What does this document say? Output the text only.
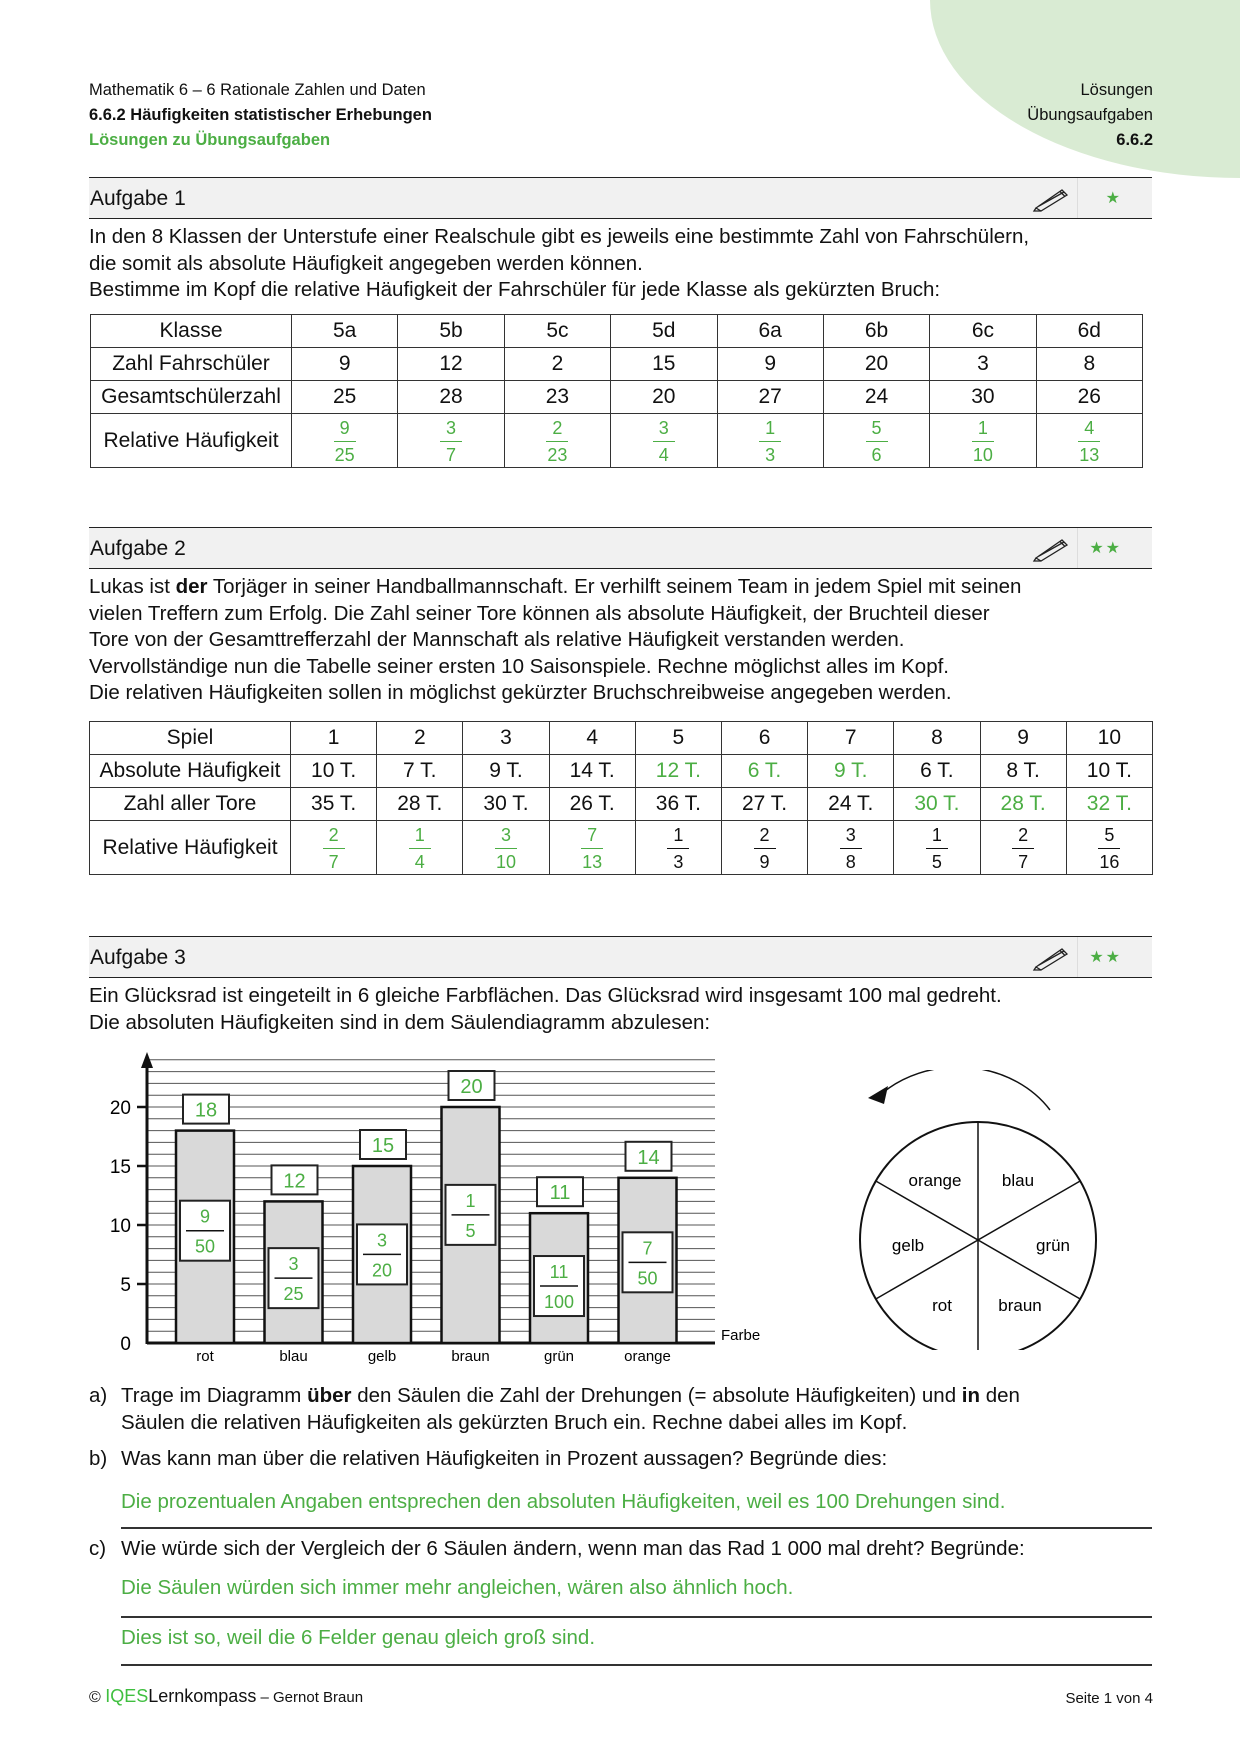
Mathematik 6 – 6 Rationale Zahlen und Daten
6.6.2 Häufigkeiten statistischer Erhebungen
Lösungen zu Übungsaufgaben
Lösungen
Übungsaufgaben
6.6.2
Aufgabe 1	★
In den 8 Klassen der Unterstufe einer Realschule gibt es jeweils eine bestimmte Zahl von Fahrschülern,
die somit als absolute Häufigkeit angegeben werden können.
Bestimme im Kopf die relative Häufigkeit der Fahrschüler für jede Klasse als gekürzten Bruch:
Klasse	5a	5b	5c	5d	6a	6b	6c	6d
Zahl Fahrschüler	9	12	2	15	9	20	3	8
Gesamtschülerzahl	25	28	23	20	27	24	30	26
Relative Häufigkeit	$\frac{9}{25}$	$\frac{3}{7}$	$\frac{2}{23}$	$\frac{3}{4}$	$\frac{1}{3}$	$\frac{5}{6}$	$\frac{1}{10}$	$\frac{4}{13}$
Aufgabe 2	★★
Lukas ist der Torjäger in seiner Handballmannschaft. Er verhilft seinem Team in jedem Spiel mit seinen
vielen Treffern zum Erfolg. Die Zahl seiner Tore können als absolute Häufigkeit, der Bruchteil dieser
Tore von der Gesamttrefferzahl der Mannschaft als relative Häufigkeit verstanden werden.
Vervollständige nun die Tabelle seiner ersten 10 Saisonspiele. Rechne möglichst alles im Kopf.
Die relativen Häufigkeiten sollen in möglichst gekürzter Bruchschreibweise angegeben werden.
Spiel	1	2	3	4	5	6	7	8	9	10
Absolute Häufigkeit	10 T.	7 T.	9 T.	14 T.	12 T.	6 T.	9 T.	6 T.	8 T.	10 T.
Zahl aller Tore	35 T.	28 T.	30 T.	26 T.	36 T.	27 T.	24 T.	30 T.	28 T.	32 T.
Relative Häufigkeit	$\frac{2}{7}$	$\frac{1}{4}$	$\frac{3}{10}$	$\frac{7}{13}$	$\frac{1}{3}$	$\frac{2}{9}$	$\frac{3}{8}$	$\frac{1}{5}$	$\frac{2}{7}$	$\frac{5}{16}$
Aufgabe 3	★★
Ein Glücksrad ist eingeteilt in 6 gleiche Farbflächen. Das Glücksrad wird insgesamt 100 mal gedreht.
Die absoluten Häufigkeiten sind in dem Säulendiagramm abzulesen:
0
5
10
15
20
Farbe
18
9
50
rot
12
3
25
blau
15
3
20
gelb
20
1
5
braun
11
11
100
grün
14
7
50
orange
orange blau
grün
braun
rot
gelb
a) Trage im Diagramm über den Säulen die Zahl der Drehungen (= absolute Häufigkeiten) und in den
Säulen die relativen Häufigkeiten als gekürzten Bruch ein. Rechne dabei alles im Kopf.
b) Was kann man über die relativen Häufigkeiten in Prozent aussagen? Begründe dies:
Die prozentualen Angaben entsprechen den absoluten Häufigkeiten, weil es 100 Drehungen sind.
c) Wie würde sich der Vergleich der 6 Säulen ändern, wenn man das Rad 1 000 mal dreht? Begründe:
Die Säulen würden sich immer mehr angleichen, wären also ähnlich hoch.
Dies ist so, weil die 6 Felder genau gleich groß sind.
© IQESLernkompass – Gernot Braun	Seite 1 von 4
